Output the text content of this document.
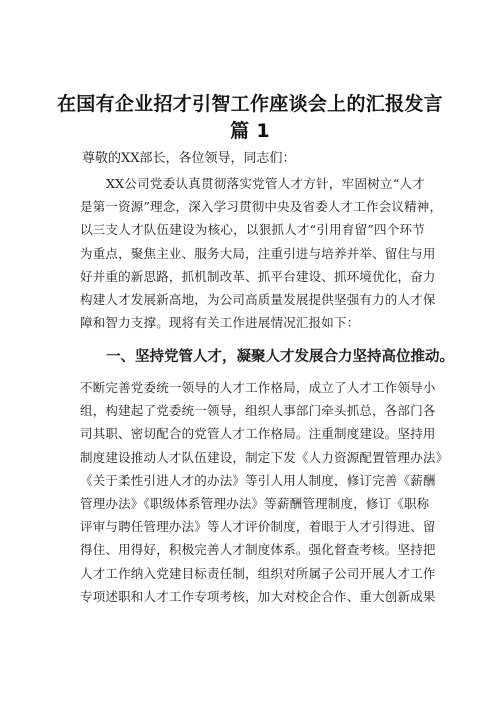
在国有企业招才引智工作座谈会上的汇报发言
篇 1
尊敬的XX部长，各位领导，同志们：
XX公司党委认真贯彻落实党管人才方针，牢固树立“人才
是第一资源”理念，深入学习贯彻中央及省委人才工作会议精神，
以三支人才队伍建设为核心，以狠抓人才“引用育留”四个环节
为重点，聚焦主业、服务大局，注重引进与培养并举、留住与用
好并重的新思路，抓机制改革、抓平台建设、抓环境优化，奋力
构建人才发展新高地，为公司高质量发展提供坚强有力的人才保
障和智力支撑。现将有关工作进展情况汇报如下：
一、坚持党管人才，凝聚人才发展合力坚持高位推动。
不断完善党委统一领导的人才工作格局，成立了人才工作领导小
组，构建起了党委统一领导，组织人事部门牵头抓总，各部门各
司其职、密切配合的党管人才工作格局。注重制度建设。坚持用
制度建设推动人才队伍建设，制定下发《人力资源配置管理办法》
《关于柔性引进人才的办法》等引人用人制度，修订完善《薪酬
管理办法》《职级体系管理办法》等薪酬管理制度，修订《职称
评审与聘任管理办法》等人才评价制度，着眼于人才引得进、留
得住、用得好，积极完善人才制度体系。强化督查考核。坚持把
人才工作纳入党建目标责任制，组织对所属子公司开展人才工作
专项述职和人才工作专项考核，加大对校企合作、重大创新成果
